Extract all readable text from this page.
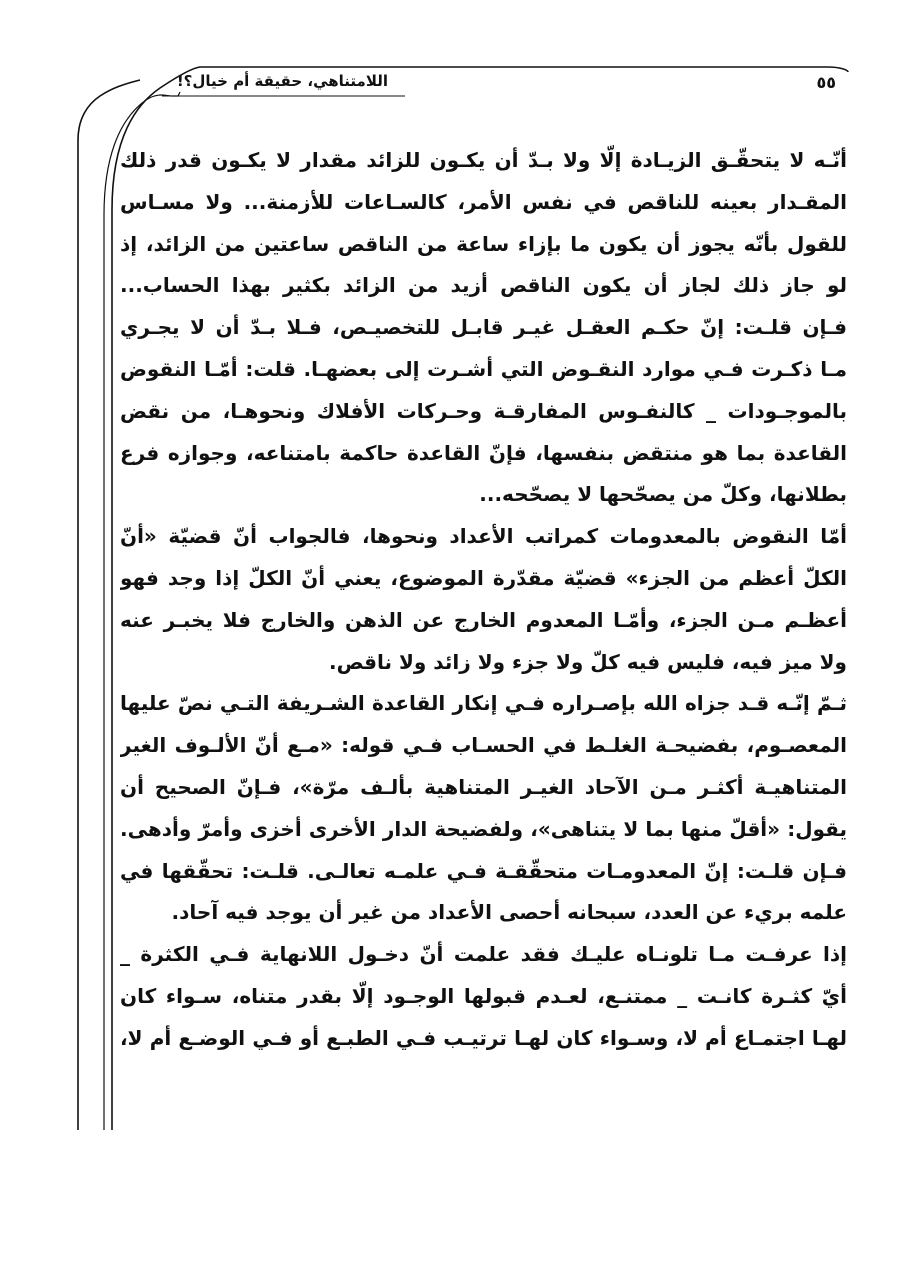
اللامتناهي، حقيقة أم خيال؟!	٥٥
أنّـه لا يتحقّـق الزيـادة إلّا ولا بـدّ أن يكـون للزائد مقدار لا يكـون قدر ذلك
المقـدار بعينه للناقص في نفس الأمر، كالسـاعات للأزمنة... ولا مسـاس
للقول بأنّه يجوز أن يكون ما بإزاء ساعة من الناقص ساعتين من الزائد، إذ
لو جاز ذلك لجاز أن يكون الناقص أزيد من الزائد بكثير بهذا الحساب...
فـإن قلـت: إنّ حكـم العقـل غيـر قابـل للتخصيـص، فـلا بـدّ أن لا يجـري
مـا ذكـرت فـي موارد النقـوض التي أشـرت إلى بعضهـا. قلت: أمّـا النقوض
بالموجـودات _ كالنفـوس المفارقـة وحـركات الأفلاك ونحوهـا، من نقض
القاعدة بما هو منتقض بنفسها، فإنّ القاعدة حاكمة بامتناعه، وجوازه فرع
بطلانها، وكلّ من يصحّحها لا يصحّحه...
أمّا النقوض بالمعدومات كمراتب الأعداد ونحوها، فالجواب أنّ قضيّة «أنّ
الكلّ أعظم من الجزء» قضيّة مقدّرة الموضوع، يعني أنّ الكلّ إذا وجد فهو
أعظـم مـن الجزء، وأمّـا المعدوم الخارج عن الذهن والخارج فلا يخبـر عنه
ولا ميز فيه، فليس فيه كلّ ولا جزء ولا زائد ولا ناقص.
ثـمّ إنّـه قـد جزاه الله بإصـراره فـي إنكار القاعدة الشـريفة التـي نصّ عليها
المعصـوم، بفضيحـة الغلـط في الحسـاب فـي قوله: «مـع أنّ الألـوف الغير
المتناهيـة أكثـر مـن الآحاد الغيـر المتناهية بألـف مرّة»، فـإنّ الصحيح أن
يقول: «أقلّ منها بما لا يتناهى»، ولفضيحة الدار الأخرى أخزى وأمرّ وأدهى.
فـإن قلـت: إنّ المعدومـات متحقّقـة فـي علمـه تعالـى. قلـت: تحقّقها في
علمه بريء عن العدد، سبحانه أحصى الأعداد من غير أن يوجد فيه آحاد.
إذا عرفـت مـا تلونـاه عليـك فقد علمت أنّ دخـول اللانهاية فـي الكثرة _
أيّ كثـرة كانـت _ ممتنـع، لعـدم قبولها الوجـود إلّا بقدر متناه، سـواء كان
لهـا اجتمـاع أم لا، وسـواء كان لهـا ترتيـب فـي الطبـع أو فـي الوضـع أم لا،
